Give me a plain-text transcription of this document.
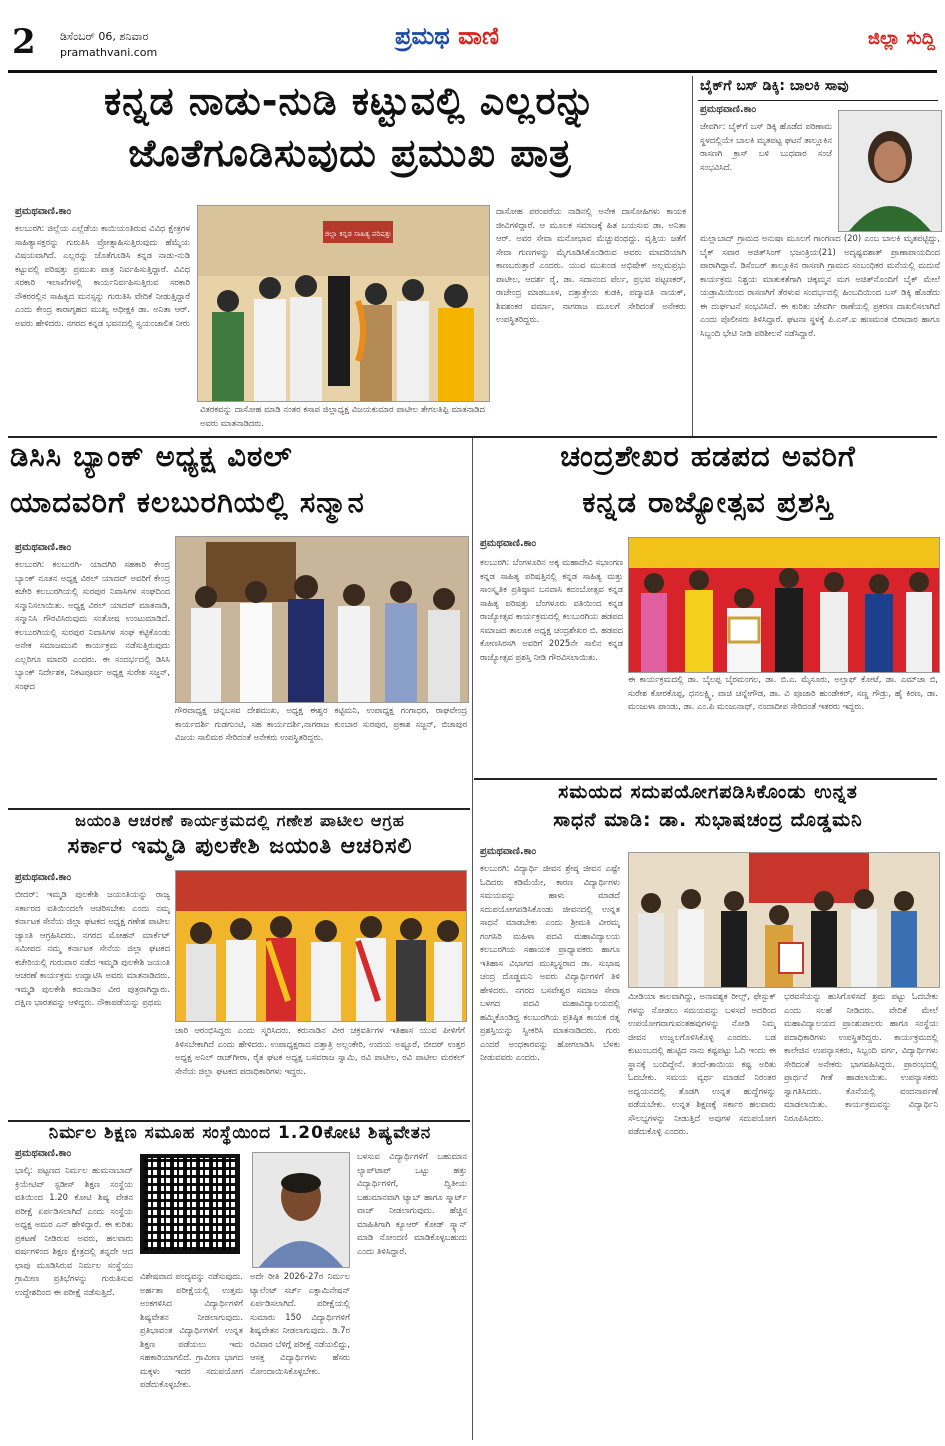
2 ಡಿಸೆಂಬರ್ 06, ಶನಿವಾರ
pramathvani.com
ಪ್ರಮಥ ವಾಣಿ	ಜಿಲ್ಲಾ ಸುದ್ದಿ
ಕನ್ನಡ ನಾಡು-ನುಡಿ ಕಟ್ಟುವಲ್ಲಿ ಎಲ್ಲರನ್ನು
ಜೊತೆಗೂಡಿಸುವುದು ಪ್ರಮುಖ ಪಾತ್ರ
ಪ್ರಮಥವಾಣಿ.ಕಾಂ
ಕಲಬುರಗಿ: ಜಿಲ್ಲೆಯ ಎಲ್ಲೆಡೆಯ ಕಾಯಿಯಂತಿರುವ ವಿವಿಧ ಕ್ಷೇತ್ರಗಳ ಸಾಹಿತ್ಯಾಸಕ್ತರನ್ನು ಗುರುತಿಸಿ ಪ್ರೋತ್ಸಾಹಿಸುತ್ತಿರುವುದು ಹೆಮ್ಮೆಯ ವಿಷಯವಾಗಿದೆ. ಎಲ್ಲರನ್ನು ಜೊತೆಗೂಡಿಸಿ ಕನ್ನಡ ನಾಡು-ನುಡಿ ಕಟ್ಟುವಲ್ಲಿ ಪರಿಷತ್ತು ಪ್ರಮುಖ ಪಾತ್ರ ನಿರ್ವಹಿಸುತ್ತಿದ್ದಾರೆ. ವಿವಿಧ ಸರಕಾರಿ ಇಲಾಖೆಗಳಲ್ಲಿ ಕಾರ್ಯನಿರ್ವಹಿಸುತ್ತಿರುವ ಸರಕಾರಿ ನೌಕರರಲ್ಲಿನ ಸಾಹಿತ್ಯದ ಮನಸ್ಸನ್ನು ಗುರುತಿಸಿ ವೇದಿಕೆ ನೀಡುತ್ತಿದ್ದಾರೆ ಎಂದು ಕೇಂದ್ರ ಕಾರಾಗೃಹದ ಮುಖ್ಯ ಅಧೀಕ್ಷಕಿ ಡಾ. ಅನಿತಾ ಆರ್. ಅವರು ಹೇಳಿದರು. ನಗರದ ಕನ್ನಡ ಭವನದಲ್ಲಿ ಸ್ವಯಂಚಾಲಿತ ನೀರು
ಜಿಲ್ಲಾ ಕನ್ನಡ ಸಾಹಿತ್ಯ ಪರಿಷತ್ತು
ವಿತರಕವನ್ನು ದಾಸೋಹ ಮಾಡಿ ನಂತರ ಕಸಾಪ ಜಿಲ್ಲಾಧ್ಯಕ್ಷ ವಿಜಯಕುಮಾರ ಪಾಟೀಲ ತೇಗಲತಿಪ್ಪಿ ಮಾತನಾಡಿದ ಅವರು ಮಾತನಾಡಿದರು.
ದಾಸೋಹ ಪರಂಪರೆಯ ನಾಡಿನಲ್ಲಿ ಅನೇಕ ದಾಸೋಹಿಗಳು ಕಾಯಕ ಜೀವಿಗಳಿದ್ದಾರೆ. ಆ ಮೂಲಕ ಸಮಾಜಕ್ಕೆ ಹಿತ ಬಯಸುವ ಡಾ. ಅನಿತಾ ಆರ್. ಅವರ ಸೇವಾ ಮನೋಭಾವ ಮೆಚ್ಚುವಂಥದ್ದು. ವೃತ್ತಿಯ ಜತೆಗೆ ಸೇವಾ ಗುಣಗಳನ್ನು ಮೈಗೂಡಿಸಿಕೊಂಡಿರುವ ಅವರು ಮಾದರಿಯಾಗಿ ಕಾಣಬರುತ್ತಾರೆ ಎಂದರು. ಯುವ ಮುಖಂಡ ಅಭಿಷೇಕ್ ಅಲ್ಲಮಪ್ರಭು ಪಾಟೀಲ, ಆದರ್ಶ ರೈ, ಡಾ. ಸದಾನಂದ ಪೆರ್ಲ, ಪ್ರಭವ ಪಟ್ಟಣಕರ್, ರಾಜೇಂದ್ರ ಮಾಡಬೂಳ, ದತ್ತಾತ್ರೇಯ ಕುಡಕಿ, ಪದ್ಮಾವತಿ ನಾಯಕ್, ಶಿವಶಂಕರ ವರ್ಮಾ, ನಾಗರಾಜ ಮೂಲಗೆ ಸೇರಿದಂತೆ ಅನೇಕರು ಉಪಸ್ಥಿತರಿದ್ದರು.
ಬೈಕ್‌ಗೆ ಬಸ್ ಡಿಕ್ಕಿ: ಬಾಲಕಿ ಸಾವು
ಪ್ರಮಥವಾಣಿ.ಕಾಂ
ಜೇವರ್ಗಿ: ಬೈಕ್‌ಗೆ ಬಸ್ ಡಿಕ್ಕಿ ಹೊಡೆದ ಪರಿಣಾಮ ಸ್ಥಳದಲ್ಲಿಯೇ ಬಾಲಕಿ ಮೃತಪಟ್ಟ ಘಟನೆ ತಾಲ್ಲೂಕಿನ ರಾಸಣಗಿ ಕ್ರಾಸ್ ಬಳಿ ಬುಧವಾರ ಸಂಜೆ ಸಂಭವಿಸಿದೆ.
ಮಲ್ಲಾಬಾದ್ ಗ್ರಾಮದ ಅನುಷಾ ಮೂಲಗೆ ಗಾಂಗಣದ (20) ಎಂಬ ಬಾಲಕಿ ಮೃತಪಟ್ಟಿದ್ದು, ಬೈಕ್ ಸವಾರ ಅಜಿತ್‌ಸಿಂಗ್ ಭಜಂತ್ರಿಯ(21) ಅದೃಷ್ಟವಶಾತ್ ಪ್ರಾಣಾಪಾಯದಿಂದ ಪಾರಾಗಿದ್ದಾನೆ. ಡಿಸೆಂಬರ್ ತಾಲ್ಲೂಕಿನ ರಾಸಣಗಿ ಗ್ರಾಮದ ಸಂಬಂಧಿಕರ ಮನೆಯಲ್ಲಿ ಮದುವೆ ಕಾರ್ಯಕ್ರಮ ನಿಶ್ಚಯ ಮಾತುಕತೆಗಾಗಿ ಚಿಕ್ಕಮ್ಮನ ಮಗ ಅಜಿತ್‌ನೊಂದಿಗೆ ಬೈಕ್ ಮೇಲೆ ಯಡ್ರಾಮಿಯಿಂದ ರಾಸಣಗಿಗೆ ತೆರಳುವ ಸಂದರ್ಭದಲ್ಲಿ ಹಿಂಬದಿಯಿಂದ ಬಸ್ ಡಿಕ್ಕಿ ಹೊಡೆದು ಈ ದುರ್ಘಟನೆ ಸಂಭವಿಸಿದೆ. ಈ ಕುರಿತು ಜೇವರ್ಗಿ ಠಾಣೆಯಲ್ಲಿ ಪ್ರಕರಣ ದಾಖಲಿಸಲಾಗಿದೆ ಎಂದು ಪೊಲೀಸರು ತಿಳಿಸಿದ್ದಾರೆ. ಘಟನಾ ಸ್ಥಳಕ್ಕೆ ಪಿ.ಎಸ್.ಐ ಹಣಮಂತ ಬಿರಾದಾರ ಹಾಗೂ ಸಿಬ್ಬಂದಿ ಭೇಟಿ ನೀಡಿ ಪರಿಶೀಲನೆ ನಡೆಸಿದ್ದಾರೆ.
ಡಿಸಿಸಿ ಬ್ಯಾಂಕ್ ಅಧ್ಯಕ್ಷ ವಿಠಲ್
ಯಾದವರಿಗೆ ಕಲಬುರಗಿಯಲ್ಲಿ ಸನ್ಮಾನ
ಪ್ರಮಥವಾಣಿ.ಕಾಂ
ಕಲಬುರಗಿ: ಕಲಬುರಗಿ- ಯಾದಗಿರಿ ಸಹಕಾರಿ ಕೇಂದ್ರ ಬ್ಯಾಂಕ್ ನೂತನ ಅಧ್ಯಕ್ಷ ವಿಠಲ್ ಯಾದವ್ ಅವರಿಗೆ ಕೇಂದ್ರ ಕಚೇರಿ ಕಲಬುರಗಿಯಲ್ಲಿ ಸುರಪುರ ನಿವಾಸಿಗಳ ಸಂಘದಿಂದ ಸನ್ಮಾನಿಸಲಾಯಿತು. ಅಧ್ಯಕ್ಷ ವಿಠಲ್ ಯಾದವ್ ಮಾತನಾಡಿ, ಸನ್ಮಾನಿಸಿ ಗೌರವಿಸಿರುವುದು ಸಂತೋಷ ಉಂಟುಮಾಡಿದೆ. ಕಲಬುರಗಿಯಲ್ಲಿ ಸುರಪುರ ನಿವಾಸಿಗಳ ಸಂಘ ಕಟ್ಟಿಕೊಂಡು ಅನೇಕ ಸಮಾಜಮುಖಿ ಕಾರ್ಯಕ್ರಮ ನಡೆಸುತ್ತಿರುವುದು ಎಲ್ಲರಿಗೂ ಮಾದರಿ ಎಂದರು. ಈ ಸಂದರ್ಭದಲ್ಲಿ ಡಿಸಿಸಿ ಬ್ಯಾಂಕ್ ನಿರ್ದೇಶಕ, ನಿಕಟಪೂರ್ವ ಅಧ್ಯಕ್ಷ ಸುರೇಶ ಸಜ್ಜನ್, ಸಂಘದ
ಗೌರವಾಧ್ಯಕ್ಷ ಚನ್ನಬಸವ ದೇಶಮುಖ, ಅಧ್ಯಕ್ಷ ಈಶ್ವರ ಕಟ್ಟಿಮನಿ, ಉಪಾಧ್ಯಕ್ಷ ಗಂಗಾಧರ, ರಾಘವೇಂದ್ರ ಕಾರ್ಯದರ್ಶಿ ಗುಡಗುಂಟಿ, ಸಹ ಕಾರ್ಯದರ್ಶಿ,ನಾಗರಾಜ ಕುಂಬಾರ ಸುರಪುರ, ಪ್ರಕಾಶ ಸಜ್ಜನ್, ಬಿಜಾಪುರ ವಿಜಯ ಸಾಲಿಮಠ ಸೇರಿದಂತೆ ಅನೇಕರು ಉಪಸ್ಥಿತರಿದ್ದರು.
ಚಂದ್ರಶೇಖರ ಹಡಪದ ಅವರಿಗೆ
ಕನ್ನಡ ರಾಜ್ಯೋತ್ಸವ ಪ್ರಶಸ್ತಿ
ಪ್ರಮಥವಾಣಿ.ಕಾಂ
ಕಲಬುರಗಿ: ಬೆಂಗಳೂರಿನ ಅಕ್ಕ ಮಹಾದೇವಿ ಸಭಾಂಗಣ ಕನ್ನಡ ಸಾಹಿತ್ಯ ಪರಿಷತ್ತಿನಲ್ಲಿ ಕನ್ನಡ ಸಾಹಿತ್ಯ ಮತ್ತು ಸಾಂಸ್ಕೃತಿಕ ಪ್ರತಿಷ್ಠಾನ ಬನವಾಸಿ ಕದಂಬೋತ್ಸವ ಕನ್ನಡ ಸಾಹಿತ್ಯ ಪರಿಷತ್ತು ಬೆಂಗಳೂರು ವತಿಯಿಂದ ಕನ್ನಡ ರಾಜ್ಯೋತ್ಸವ ಕಾರ್ಯಕ್ರಮದಲ್ಲಿ ಕಲಬುರಗಿಯ ಹಡಪದ ಸಮಾಜದ ತಾಲೂಕ ಅಧ್ಯಕ್ಷ ಚಂದ್ರಶೇಖರ ಬಿ. ಹಡಪದ ಕೋಣಸಿರಸಗಿ ಅವರಿಗೆ 2025ನೇ ಸಾಲಿನ ಕನ್ನಡ ರಾಜ್ಯೋತ್ಸವ ಪ್ರಶಸ್ತಿ ನೀಡಿ ಗೌರವಿಸಲಾಯಿತು.
ಈ ಕಾರ್ಯಕ್ರಮದಲ್ಲಿ ಡಾ. ಬೈಲಪ್ಪ ಬೈರಮಂಗಲ, ಡಾ. ಬಿ.ಎ. ಮೈಸೂರು, ಅಲ್ತಾಫ್ ಕೋಟೆ, ಡಾ. ಎಮ್‌ಜಾ ಬಿ, ಸುರೇಶ ಕೋರಕೊಪ್ಪ, ಧನಲಕ್ಷ್ಮಿ, ವಾಚಿ ಚನ್ನೇಗೌಡ, ಡಾ. ವಿ ಪೂಜಾರಿ ಹುಂಡೇಕರ್, ಸಣ್ಣ ಗೌಡ್ರು, ಹೈ ಕಿರಣ, ಡಾ. ಮಂಜುಳಾ ಪಾಂಡು, ಡಾ. ಎಂ.ಪಿ ಮಂಜುನಾಥ್, ನಂದಾದೀಪ ಸೇರಿದಂತೆ ಇತರರು ಇದ್ದರು.
ಜಯಂತಿ ಆಚರಣೆ ಕಾರ್ಯಕ್ರಮದಲ್ಲಿ ಗಣೇಶ ಪಾಟೀಲ ಆಗ್ರಹ
ಸರ್ಕಾರ ಇಮ್ಮಡಿ ಪುಲಕೇಶಿ ಜಯಂತಿ ಆಚರಿಸಲಿ
ಪ್ರಮಥವಾಣಿ.ಕಾಂ
ಬೀದರ್: ಇಮ್ಮಡಿ ಪುಲಕೇಶಿ ಜಯಂತಿಯನ್ನು ರಾಜ್ಯ ಸರ್ಕಾರದ ವತಿಯಿಂದಲೇ ಆಚರಿಸಬೇಕು ಎಂದು ನಮ್ಮ ಕರ್ನಾಟಕ ಸೇನೆಯ ಜಿಲ್ಲಾ ಘಟಕದ ಅಧ್ಯಕ್ಷ ಗಣೇಶ ಪಾಟೀಲ ಜ್ಯಾಂತಿ ಆಗ್ರಹಿಸಿದರು. ನಗರದ ಮೋಹನ್ ಮಾರ್ಕೆಟ್ ಸಮೀಪದ ನಮ್ಮ ಕರ್ನಾಟಕ ಸೇನೆಯ ಜಿಲ್ಲಾ ಘಟಕದ ಕಚೇರಿಯಲ್ಲಿ ಗುರುವಾರ ನಡೆದ ಇಮ್ಮಡಿ ಪುಲಕೇಶಿ ಜಯಂತಿ ಆಚರಣೆ ಕಾರ್ಯಕ್ರಮ ಉದ್ಘಾಟಿಸಿ ಅವರು ಮಾತನಾಡಿದರು. ಇಮ್ಮಡಿ ಪುಲಕೇಶಿ ಕರುನಾಡಿನ ವೀರ ಪುತ್ರರಾಗಿದ್ದಾರು. ದಕ್ಷಿಣ ಭಾರತವನ್ನು ಆಳಿದ್ದರು. ನೌಕಾಪಡೆಯನ್ನು ಪ್ರಥಮ
ಜಾರಿ ಆರಂಭಿಸಿದ್ದರು ಎಂದು ಸ್ಮರಿಸಿದರು. ಕರುನಾಡಿನ ವೀರ ಚಕ್ರವರ್ತಿಗಳ ಇತಿಹಾಸ ಯುವ ಪೀಳಿಗೆಗೆ ತಿಳಿಸಬೇಕಾಗಿದೆ ಎಂದು ಹೇಳಿದರು. ಉಪಾಧ್ಯಕ್ಷರಾದ ದತ್ತಾತ್ರಿ ಅಲ್ಲಂಕೇರಿ, ಉದಯ ಅಷ್ಟೂರೆ, ಬೀದರ್ ಉತ್ತರ ಅಧ್ಯಕ್ಷ ಅನಿಲ್ ರಾಜ್‌ಗೀರಾ, ರೈತ ಘಟಕ ಅಧ್ಯಕ್ಷ ಬಸವರಾಜ ಸ್ವಾಮಿ, ರವಿ ಪಾಟೀಲ, ರವಿ ಪಾಟೀಲ ಮರಕಲ್ ಸೇನೆಯ ಜಿಲ್ಲಾ ಘಟಕದ ಪದಾಧಿಕಾರಿಗಳು ಇದ್ದರು.
ಸಮಯದ ಸದುಪಯೋಗಪಡಿಸಿಕೊಂಡು ಉನ್ನತ
ಸಾಧನೆ ಮಾಡಿ: ಡಾ. ಸುಭಾಷಚಂದ್ರ ದೊಡ್ಡಮನಿ
ಪ್ರಮಥವಾಣಿ.ಕಾಂ
ಕಲಬುರಗಿ: ವಿದ್ಯಾರ್ಥಿ ಜೀವನ ಶ್ರೇಷ್ಠ ಜೀವನ ಎಷ್ಟೇ ಓದಿದರು ಕಡಿಮೆಯೇ, ಕಾರಣ ವಿದ್ಯಾರ್ಥಿಗಳು ಸಮಯವನ್ನು ಹಾಳು ಮಾಡದೆ ಸದುಪಯೋಗಪಡಿಸಿಕೊಂಡು ಜೀವನದಲ್ಲಿ ಉನ್ನತ ಸಾಧನೆ ಮಾಡಬೇಕು ಎಂದು ಶ್ರೀಮತಿ ವೀರಮ್ಮ ಗಂಗಸಿರಿ ಮಹಿಳಾ ಪದವಿ ಮಹಾವಿದ್ಯಾಲಯ ಕಲಬುರಗಿಯ ಸಹಾಯಕ ಪ್ರಾಧ್ಯಾಪಕರು ಹಾಗೂ ಇತಿಹಾಸ ವಿಭಾಗದ ಮುಖ್ಯಸ್ಥರಾದ ಡಾ. ಸುಭಾಷ ಚಂದ್ರ ದೊಡ್ಡಮನಿ ಅವರು ವಿದ್ಯಾರ್ಥಿಗಳಿಗೆ ತಿಳಿ ಹೇಳಿದರು. ನಗರದ ಬಸವೇಶ್ವರ ಸಮಾಜ ಸೇವಾ ಬಳಗದ ಪದವಿ ಮಹಾವಿದ್ಯಾಲಯದಲ್ಲಿ ಹಮ್ಮಿಕೊಂಡಿದ್ದ ಕಲಬುರಗಿಯ ಪ್ರತಿಷ್ಠಿತ ಕಾಯಕ ರತ್ನ ಪ್ರಶಸ್ತಿಯನ್ನು ಸ್ವೀಕರಿಸಿ ಮಾತನಾಡಿದರು. ಗುರು ಎಂದರೆ ಅಂಧಕಾರವನ್ನು ಹೋಗಲಾಡಿಸಿ ಬೆಳಕು ನೀಡುವವರು ಎಂದರು.
ಮೀಡಿಯಾ ಕಾಲವಾಗಿದ್ದು, ಅನಾವಶ್ಯಕ ರೀಲ್ಸ್, ಫೇಸ್ಬುಕ್ ಗಳನ್ನು ನೋಡಲು ಸಮಯವನ್ನು ಬಳಸದೆ ಅದರಿಂದ ಉಪಯೋಗವಾಗುವಂತಹವುಗಳನ್ನು ನೋಡಿ ನಿಮ್ಮ ಜೀವನ ಉಜ್ವಲಗೊಳಿಸಿಕೊಳ್ಳಿ ಎಂದರು. ಬಡ ಕುಟುಂಬದಲ್ಲಿ ಹುಟ್ಟಿದ ನಾನು ಕಷ್ಟಪಟ್ಟು ಓದಿ ಇಂದು ಈ ಸ್ಥಾನಕ್ಕೆ ಬಂದಿದ್ದೇನೆ. ತಂದೆ-ತಾಯಿಯ ಕಷ್ಟ ಅರಿತು ಓದಬೇಕು. ಸಮಯ ವ್ಯರ್ಥ ಮಾಡದೆ ನಿರಂತರ ಅಧ್ಯಯನದಲ್ಲಿ ತೊಡಗಿ ಉನ್ನತ ಹುದ್ದೆಗಳನ್ನು ಪಡೆಯಬೇಕು. ಉನ್ನತ ಶಿಕ್ಷಣಕ್ಕೆ ಸರ್ಕಾರ ಹಲವಾರು ಸೌಲಭ್ಯಗಳನ್ನು ನೀಡುತ್ತಿದೆ ಅವುಗಳ ಸದುಪಯೋಗ ಪಡೆದುಕೊಳ್ಳಿ ಎಂದರು.
ಭರವಸೆಯನ್ನು ಹುಸಿಗೊಳಿಸದೆ ಶ್ರಮ ಪಟ್ಟು ಓದಬೇಕು ಎಂದು ಸಲಹೆ ನೀಡಿದರು. ವೇದಿಕೆ ಮೇಲೆ ಮಹಾವಿದ್ಯಾಲಯದ ಪ್ರಾಂಶುಪಾಲರು ಹಾಗೂ ಸಂಸ್ಥೆಯ ಪದಾಧಿಕಾರಿಗಳು ಉಪಸ್ಥಿತರಿದ್ದರು. ಕಾರ್ಯಕ್ರಮದಲ್ಲಿ ಕಾಲೇಜಿನ ಉಪನ್ಯಾಸಕರು, ಸಿಬ್ಬಂದಿ ವರ್ಗ, ವಿದ್ಯಾರ್ಥಿಗಳು ಸೇರಿದಂತೆ ಅನೇಕರು ಭಾಗವಹಿಸಿದ್ದರು. ಪ್ರಾರಂಭದಲ್ಲಿ ಪ್ರಾರ್ಥನೆ ಗೀತೆ ಹಾಡಲಾಯಿತು. ಉಪನ್ಯಾಸಕರು ಸ್ವಾಗತಿಸಿದರು. ಕೊನೆಯಲ್ಲಿ ವಂದನಾರ್ಪಣೆ ಮಾಡಲಾಯಿತು. ಕಾರ್ಯಕ್ರಮವನ್ನು ವಿದ್ಯಾರ್ಥಿನಿ ನಿರೂಪಿಸಿದರು.
ನಿರ್ಮಲ ಶಿಕ್ಷಣ ಸಮೂಹ ಸಂಸ್ಥೆಯಿಂದ 1.20ಕೋಟಿ ಶಿಷ್ಯವೇತನ
ಪ್ರಮಥವಾಣಿ.ಕಾಂ
ಭಾಲ್ಕಿ: ಪಟ್ಟಣದ ನಿರ್ಮಲ ಹುಮನಾಬಾದ್ ಕ್ರಿಯೇಟಿವ್ ಸ್ಟಡೀಸ್ ಶಿಕ್ಷಣ ಸಂಸ್ಥೆಯ ವತಿಯಿಂದ 1.20 ಕೋಟಿ ಶಿಷ್ಯ ವೇತನ ಪರೀಕ್ಷೆ ಏರ್ಪಡಿಸಲಾಗಿದೆ ಎಂದು ಸಂಸ್ಥೆಯ ಅಧ್ಯಕ್ಷ ಅಮರ ಎನ್ ಹೇಳಿದ್ದಾರೆ. ಈ ಕುರಿತು ಪ್ರಕಟಣೆ ನೀಡಿರುವ ಅವರು, ಹಲವಾರು ವರ್ಷಗಳಿಂದ ಶಿಕ್ಷಣ ಕ್ಷೇತ್ರದಲ್ಲಿ ತನ್ನದೇ ಆದ ಛಾಪು ಮೂಡಿಸಿರುವ ನಿರ್ಮಲ ಸಂಸ್ಥೆಯು ಗ್ರಾಮೀಣ ಪ್ರತಿಭೆಗಳನ್ನು ಗುರುತಿಸುವ ಉದ್ದೇಶದಿಂದ ಈ ಪರೀಕ್ಷೆ ನಡೆಸುತ್ತಿದೆ.
ವಿಶೇಷವಾದ ಪಂದ್ಯವನ್ನು ನಡೆಸುವುದು. ಅರ್ಹತಾ ಪರೀಕ್ಷೆಯಲ್ಲಿ ಉತ್ತಮ ಅಂಕಗಳಿಸಿದ ವಿದ್ಯಾರ್ಥಿಗಳಿಗೆ ಶಿಷ್ಯವೇತನ ನೀಡಲಾಗುವುದು. ಪ್ರತಿಭಾವಂತ ವಿದ್ಯಾರ್ಥಿಗಳಿಗೆ ಉನ್ನತ ಶಿಕ್ಷಣ ಪಡೆಯಲು ಇದು ಸಹಕಾರಿಯಾಗಲಿದೆ. ಗ್ರಾಮೀಣ ಭಾಗದ ಮಕ್ಕಳು ಇದರ ಸದುಪಯೋಗ ಪಡೆದುಕೊಳ್ಳಬೇಕು.
ಅದೇ ರೀತಿ 2026-27ರ ನಿರ್ಮಲ ಟ್ಯಾಲೆಂಟ್ ಸರ್ಚ್ ಎಕ್ಸಾಮಿನೇಷನ್ ಏರ್ಪಡಿಸಲಾಗಿದೆ. ಪರೀಕ್ಷೆಯಲ್ಲಿ ಸುಮಾರು 150 ವಿದ್ಯಾರ್ಥಿಗಳಿಗೆ ಶಿಷ್ಯವೇತನ ನೀಡಲಾಗುವುದು. ಡಿ.7ರ ರವಿವಾರ ಬೆಳಿಗ್ಗೆ ಪರೀಕ್ಷೆ ನಡೆಯಲಿದ್ದು, ಆಸಕ್ತ ವಿದ್ಯಾರ್ಥಿಗಳು ಹೆಸರು ನೋಂದಾಯಿಸಿಕೊಳ್ಳಬೇಕು.
ಬಳಸುವ ವಿದ್ಯಾರ್ಥಿಗಳಿಗೆ ಬಹುಮಾನ ಲ್ಯಾಪ್‌ಟಾಪ್ ಒಟ್ಟು ಹತ್ತು ವಿದ್ಯಾರ್ಥಿಗಳಿಗೆ, ದ್ವಿತೀಯ ಬಹುಮಾನವಾಗಿ ಟ್ಯಾಬ್ ಹಾಗೂ ಸ್ಮಾರ್ಟ್ ವಾಚ್ ನೀಡಲಾಗುವುದು. ಹೆಚ್ಚಿನ ಮಾಹಿತಿಗಾಗಿ ಕ್ಯೂಆರ್ ಕೋಡ್ ಸ್ಕ್ಯಾನ್ ಮಾಡಿ ನೋಂದಣಿ ಮಾಡಿಕೊಳ್ಳಬಹುದು ಎಂದು ತಿಳಿಸಿದ್ದಾರೆ.
